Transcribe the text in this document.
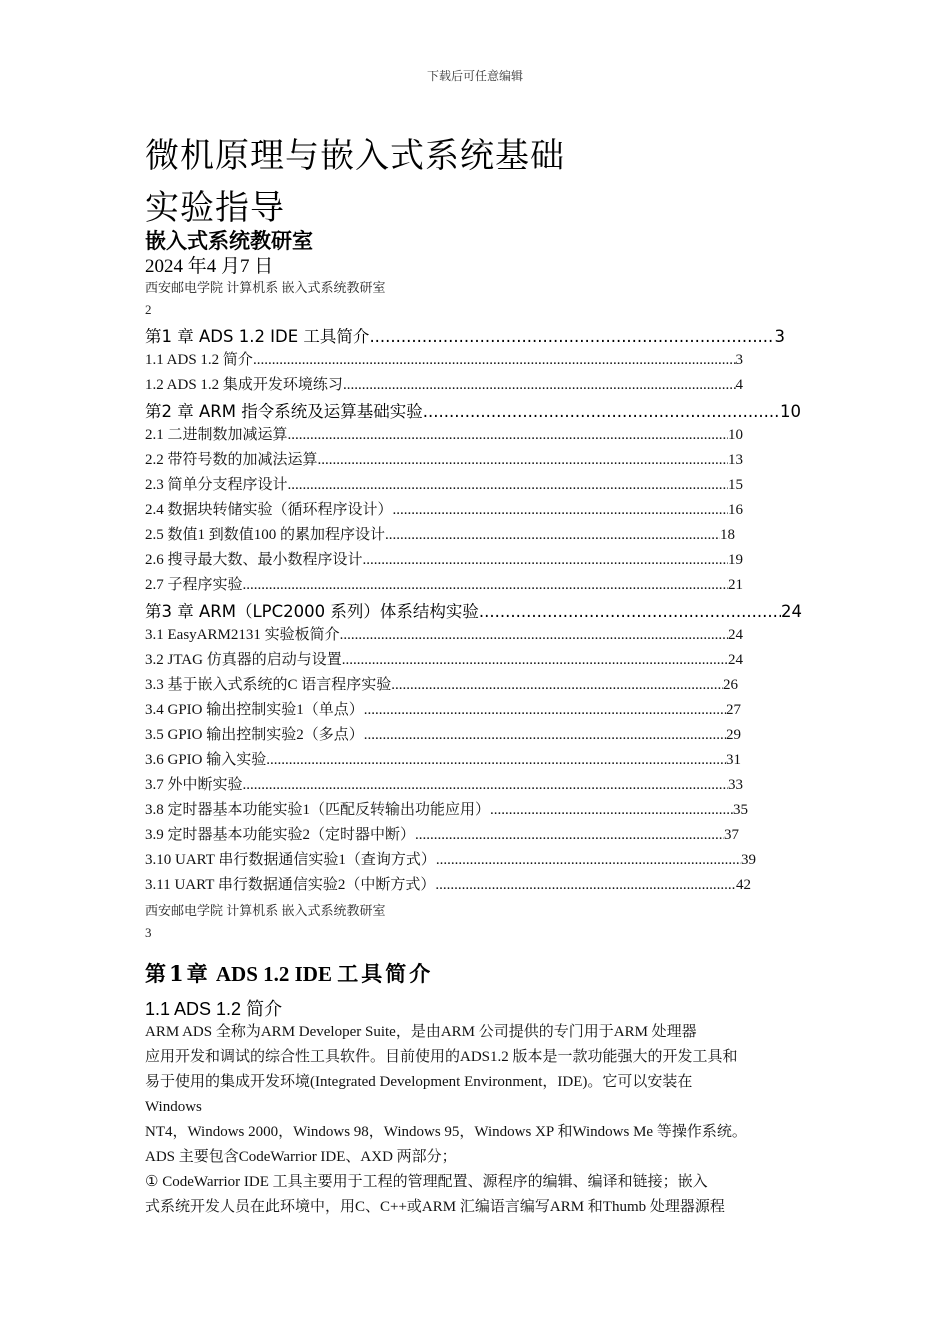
下载后可任意编辑
微机原理与嵌入式系统基础
实验指导
嵌入式系统教研室
2024 年4 月7 日
西安邮电学院 计算机系 嵌入式系统教研室
2
第1 章 ADS 1.2 IDE 工具简介 .....	3
1.1 ADS 1.2 简介 .....	3
1.2 ADS 1.2 集成开发环境练习 .....	4
第2 章 ARM 指令系统及运算基础实验 .....	10
2.1 二进制数加减运算 .....	10
2.2 带符号数的加减法运算 .....	13
2.3 简单分支程序设计 .....	15
2.4 数据块转储实验（循环程序设计） .....	16
2.5 数值1 到数值100 的累加程序设计 .....	18
2.6 搜寻最大数、最小数程序设计 .....	19
2.7 子程序实验 .....	21
第3 章 ARM（LPC2000 系列）体系结构实验 .....	24
3.1 EasyARM2131 实验板简介 .....	24
3.2 JTAG 仿真器的启动与设置 .....	24
3.3 基于嵌入式系统的C 语言程序实验 .....	26
3.4 GPIO 输出控制实验1（单点） .....	27
3.5 GPIO 输出控制实验2（多点） .....	29
3.6 GPIO 输入实验 .....	31
3.7 外中断实验 .....	33
3.8 定时器基本功能实验1（匹配反转输出功能应用） .....	35
3.9 定时器基本功能实验2（定时器中断） .....	37
3.10 UART 串行数据通信实验1（查询方式） .....	39
3.11 UART 串行数据通信实验2（中断方式） .....	42
西安邮电学院 计算机系 嵌入式系统教研室
3
第1章 ADS 1.2 IDE 工具简介
1.1 ADS 1.2 简介

ARM ADS 全称为ARM Developer Suite，是由ARM 公司提供的专门用于ARM 处理器

应用开发和调试的综合性工具软件。目前使用的ADS1.2 版本是一款功能强大的开发工具和

易于使用的集成开发环境(Integrated Development Environment，IDE)。它可以安装在

Windows

NT4，Windows 2000，Windows 98，Windows 95，Windows XP 和Windows Me 等操作系统。

ADS 主要包含CodeWarrior IDE、AXD 两部分；

① CodeWarrior IDE 工具主要用于工程的管理配置、源程序的编辑、编译和链接；嵌入

式系统开发人员在此环境中，用C、C++或ARM 汇编语言编写ARM 和Thumb 处理器源程
